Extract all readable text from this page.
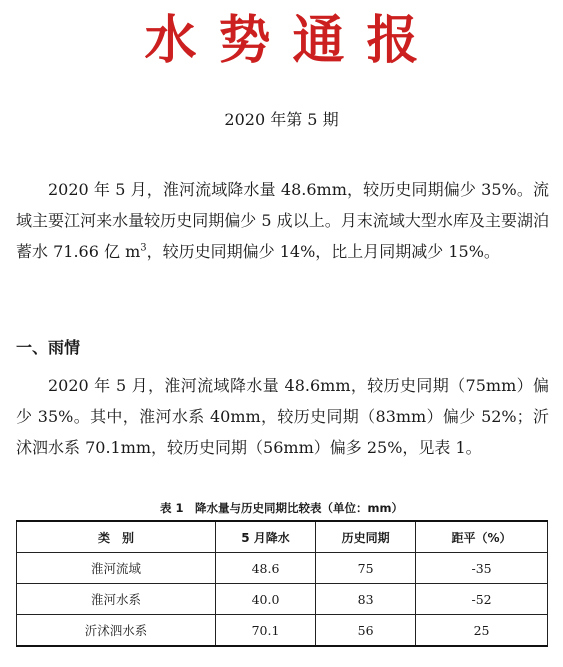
水势通报
2020 年第 5 期

2020 年 5 月，淮河流域降水量 48.6mm，较历史同期偏少 35%。流域主要江河来水量较历史同期偏少 5 成以上。月末流域大型水库及主要湖泊蓄水 71.66 亿 $m^3$，较历史同期偏少 14%，比上月同期减少 15%。

一、雨情

2020 年 5 月，淮河流域降水量 48.6mm，较历史同期（75mm）偏少 35%。其中，淮河水系 40mm，较历史同期（83mm）偏少 52%；沂沭泗水系 70.1mm，较历史同期（56mm）偏多 25%，见表 1。

表 1　降水量与历史同期比较表（单位：mm）
类　别	5 月降水	历史同期	距平（%）
淮河流域	48.6	75	-35
淮河水系	40.0	83	-52
沂沭泗水系	70.1	56	25
